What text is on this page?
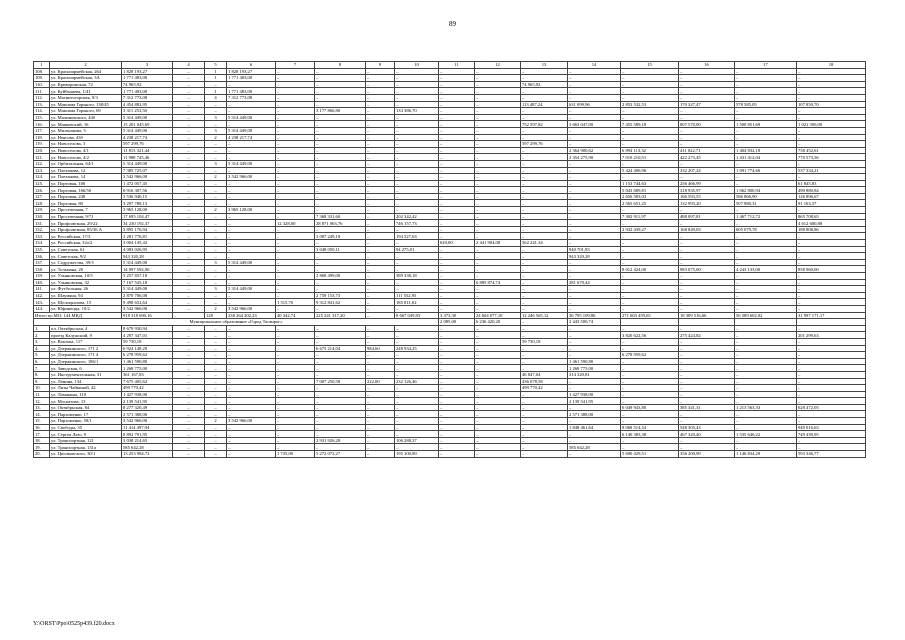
89
1	2	3	4	5	6	7	8	9	10	11	12	13	14	15	16	17	18
108.	ул. Красноармейская, 264	1 828 193,27	–	1	1 828 193,27	–	–	–	–	–	–	–	–	–	–	–	–
109.	ул. Красноармейская, 3А	1 771 483,00	–	1	1 771 483,00	–	–	–	–	–	–	–	–	–	–	–	–
110.	ул. Криворожская, 72	74 965,92	–	–	–	–	–	–	–	–	–	74 965,92	–	–	–	–	–
111.	ул. Куйбышева, 1/41	1 771 483,00	–	1	1 771 483,00	–	–	–	–	–	–	–	–	–	–	–	–
112.	ул. Магнитогорская, 9/3	7 312 773,08	–	4	7 312 773,08	–	–	–	–	–	–	–	–	–	–	–	–
113.	ул. Максима Горького, 138/45	4 454 882,95	–	–	–	–	–	–	–	–	–	113 487,24	631 099,96	2 853 532,53	170 327,47	578 585,05	107 850,70
114.	ул. Максима Горького, 69	3 311 253,50	–	–	–	–	3 177 866,80	–	133 386,70	–	–	–	–	–	–	–	–
115.	ул. Малиновского, 44б	5 314 449,00	–	3	5 314 449,00	–	–	–	–	–	–	–	–	–	–	–	–
116.	ул. Маяковский, 16	15 201 045,69	–	–	–	–	–	–	–	–	–	752 597,82	3 663 047,00	7 455 589,18	807 570,00	1 500 851,69	1 021 390,00
117.	ул. Мильчакова, 3	5 314 449,00	–	3	5 314 449,00	–	–	–	–	–	–	–	–	–	–	–	–
118.	ул. Неясова, 43б	4 238 217,74	–	2	4 238 217,74	–	–	–	–	–	–	–	–	–	–	–	–
119.	ул. Новоселова, 3	597 299,76	–	–	–	–	–	–	–	–	–	597 299,76	–	–	–	–	–
120.	ул. Новоселова, 4/1	11 813 321,44	–	–	–	–	–	–	–	–	–	–	2 364 900,62	6 894 113,32	411 022,71	1 404 832,18	738 452,61
121.	ул. Новоселова, 4/2	11 988 745,46	–	–	–	–	–	–	–	–	–	–	2 354 275,90	7 010 210,51	422 273,45	1 431 412,04	770 573,56
122.	ул. Орбитальная, 64/1	5 314 449,00	–	3	5 314 449,00	–	–	–	–	–	–	–	–	–	–	–	–
123.	ул. Плеханова, 12	7 385 725,07	–	–	–	–	–	–	–	–	–	–	–	5 424 406,96	332 207,24	1 091 774,66	537 334,21
124.	ул. Плеханова, 14	3 542 966,00	–	2	3 542 966,00	–	–	–	–	–	–	–	–	–	–	–	–
125.	ул. Портовая, 106	1 472 057,45	–	–	–	–	–	–	–	–	–	–	–	1 153 744,63	256 466,99	–	61 845,83
126.	ул. Портовая, 166/50	6 916 307,56	–	–	–	–	–	–	–	–	–	–	–	5 043 689,81	318 935,97	1 062 800,94	490 880,84
127.	ул. Портовая, 248	3 536 940,15	–	–	–	–	–	–	–	–	–	–	–	2 656 583,03	166 593,55	586 866,90	126 896,67
128.	ул. Портовая, 80	3 297 788,13	–	–	–	–	–	–	–	–	–	–	–	2 565 651,25	132 993,20	507 980,31	91 163,37
129.	ул. Просечочная, 7	3 965 128,00	–	2	3 965 128,00	–	–	–	–	–	–	–	–	–	–	–	–
130.	ул. Просечочная, 9/71	17 695 104,47	–	–	–	–	7 368 331,60	–	202 342,42	–	–	–	–	7 302 911,97	488 097,81	1 467 712,72	865 708,65
131.	ул. Профсоюзная, 29/22	34 230 192,37	–	–	–	12 328,00	28 871 063,76	–	746 157,73	–	–	–	–	–	–	–	4 612 680,88
132.	ул. Профсоюзная, 85/36 А	3 895 176,94	–	–	–	–	–	–	–	–	–	–	–	2 932 439,27	168 849,03	605 079,78	188 808,86
133.	ул. Российская, 17/3	3 281 776,81	–	–	–	–	3 087 249,18	–	194 527,63	–	–	–	–	–	–	–	–
134.	ул. Российская, 32а/2	3 004 145,42	–	–	–	–	–	–	–	620,00	2 441 904,08	562 241,34	–	–	–	–	–
135.	ул. Советская, 61	4 083 026,95	–	–	–	–	3 048 050,11	–	94 275,01	–	–	–	940 701,83	–	–	–	–
136.	ул. Советская, 9/2	943 320,28	–	–	–	–	–	–	–	–	–	–	943 320,28	–	–	–	–
137.	ул. Содружества, 39/3	5 314 449,00	–	3	5 314 449,00	–	–	–	–	–	–	–	–	–	–	–	–
138.	ул. Тольмана, 20	14 097 592,00	–	–	–	–	–	–	–	–	–	–	–	8 012 424,00	983 075,00	4 243 133,00	858 960,00
139.	ул. Ульяновская, 10/5	3 257 837,18	–	–	–	–	2 868 499,00	–	389 338,18	–	–	–	–	–	–	–	–
140.	ул. Ульяновская, 32	7 167 545,18	–	–	–	–	–	–	–	–	6 885 874,74	–	281 670,44	–	–	–	–
141.	ул. Футбольная, 26	5 314 449,00	–	3	5 314 449,00	–	–	–	–	–	–	–	–	–	–	–	–
142.	ул. Шаумяна, 94	2 870 706,08	–	–	–	–	2 759 153,73	–	111 552,95	–	–	–	–	–	–	–	–
143.	ул. Шелоцкалова, 15	9 498 652,64	–	–	–	1 515,70	9 312 841,62	–	185 811,02	–	–	–	–	–	–	–	–
144.	ул. Юфинецца, 10/2	3 542 966,00	–	2	3 542 966,00	–	–	–	–	–	–	–	–	–	–	–	–
Итого по МО: 144 МКД		918 318 690,16	–	128	238 264 202,23	40 342,74	225 241 317,20	–	8 667 049,83	3 373,30	24 604 077,10	12 246 565,12	30 795 109,86	271 603 459,65	18 309 516,66	56 589 602,02	31 997 171,17
Муниципальное образование «Город Таганрог»										2 085,00	6 236 420,20	–	2 443 500,74				
1.	пл. Октябрьская, 4	8 679 930,94	–	–	–	–	–	–	–	–	–	–	–	–	–	–	–
2.	проезд Калужский, 9	4 297 347,01	–	–	–	–	–	–	–	–	–	–	–	3 820 622,56	275 424,82	–	201 299,63
3.	ул. Вокзова, 117	59 730,18	–	–	–	–	–	–	–	–	–	59 730,18	–	–	–	–	–
4.	ул. Дзержинского, 171 2	6 924 148,29	–	–	–	–	6 675 214,04	984,60	248 934,25	–	–	–	–	–	–	–	–
5.	ул. Дзержинского, 171 4	6 278 959,62	–	–	–	–	–	–	–	–	–	–	–	6 278 959,62	–	–	–
6.	ул. Дзержинского, 186/1	1 461 590,80	–	–	–	–	–	–	–	–	–	–	1 461 590,80	–	–	–	–
7.	ул. Заводская, 6	1 268 775,00	–	–	–	–	–	–	–	–	–	–	1 268 775,00	–	–	–	–
8.	ул. Инструментальная, 31	361 167,83	–	–	–	–	–	–	–	–	–	46 847,04	314 320,81	–	–	–	–
9.	ул. Ленина, 134	7 675 405,62	–	–	–	–	7 007 250,58	222,00	232 126,46	–	–	436 078,58	–	–	–	–	–
10.	ул. Лизы Чайкиной, 42	499 770,42	–	–	–	–	–	–	–	–	–	499 770,42	–	–	–	–	–
11.	ул. Ломакина, 110	1 427 938,00	–	–	–	–	–	–	–	–	–	–	1 427 938,00	–	–	–	–
12.	ул. Москатова, 13	2 139 541,95	–	–	–	–	–	–	–	–	–	–	2 139 541,95	–	–	–	–
13.	ул. Октябрьская, 84	8 277 320,49	–	–	–	–	–	–	–	–	–	–	–	6 049 943,80	385 341,31	1 213 563,33	628 472,05
14.	ул. Пархоменко, 17	2 571 388,00	–	–	–	–	–	–	–	–	–	–	2 571 388,00	–	–	–	–
15.	ул. Пархоменко, 58/1	3 542 966,00	–	2	3 542 966,00	–	–	–	–	–	–	–	–	–	–	–	–
16.	ул. Свободы, 35	11 414 497,94	–	–	–	–	–	–	–	–	–	–	1 848 461,64	8 068 514,54	548 305,43	–	949 016,63
17.	ул. Сергея Лазо, 9	8 892 791,95	–	–	–	–	–	–	–	–	–	–	–	6 140 383,38	467 320,40	1 535 646,22	749 439,95
18.	ул. Транспортная, 121	3 038 214,65	–	–	–	–	2 931 926,28	–	106 288,37	–	–	–	–	–	–	–	–
19.	ул. Транспортная, 131а	585 642,28	–	–	–	–	–	–	–	–	–	–	585 642,28	–	–	–	–
20.	ул. Циолковского, 30/1	13 253 984,72	–	–	–	1 735,00	5 272 072,27	–	195 100,89	–	–	–	–	5 690 429,51	356 200,99	1 146 834,29	593 346,77
Y:\ORST\Ppo\0525p439.f20.docx
